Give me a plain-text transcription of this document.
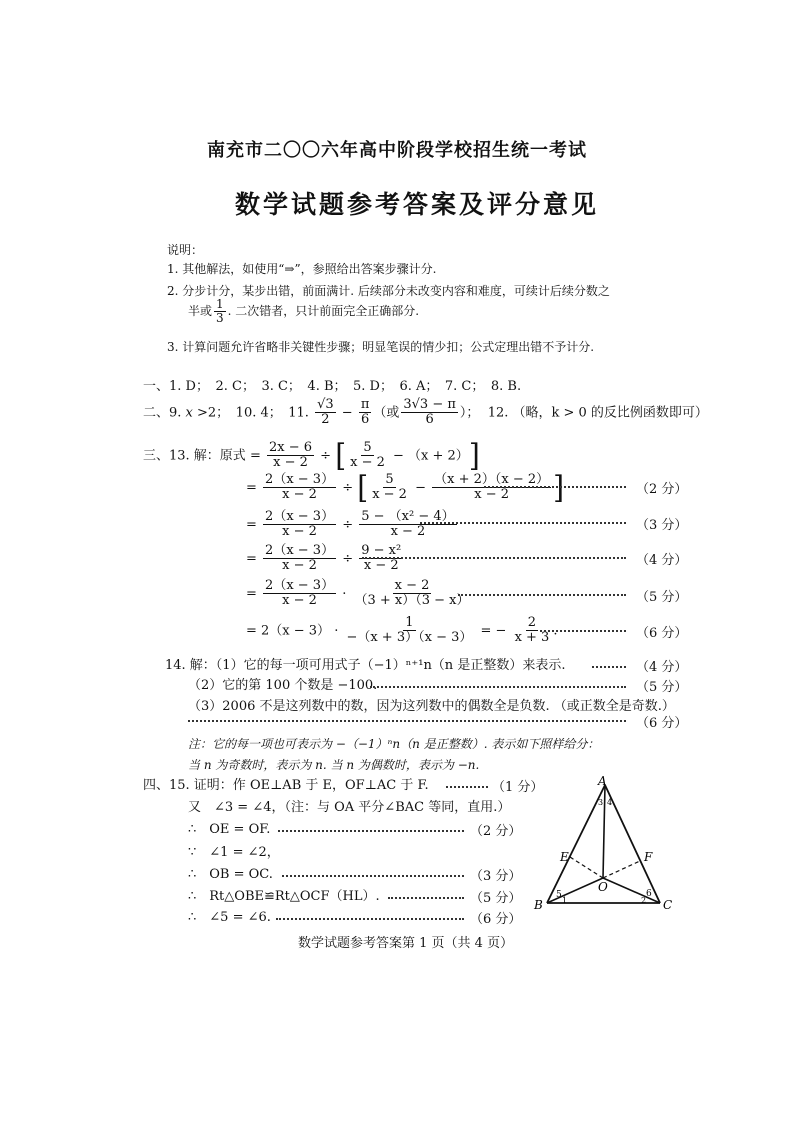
南充市二〇〇六年高中阶段学校招生统一考试
数学试题参考答案及评分意见
说明：
1. 其他解法，如使用“⇒”，参照给出答案步骤计分.
2. 分步计分，某步出错，前面满计. 后续部分未改变内容和难度，可续计后续分数之
半或 $\frac{1}{3}$ . 二次错者，只计前面完全正确部分.
3. 计算问题允许省略非关键性步骤；明显笔误的情少扣；公式定理出错不予计分.
一、1. D；　2. C；　3. C；　4. B；　5. D；　6. A；　7. C；　8. B.
二、9. x >2；　10. 4；　11. $\frac{√3}{2} - \frac{\pi}{6}$ （或 $\frac{3√3 - \pi}{6}$ ）； 12. （略，k > 0 的反比例函数即可）
三、13. 解：原式 = $\frac{2x - 6}{x - 2}$ ÷ [ $\frac{5}{x - 2} - (x + 2)$]
= $\frac{2(x - 3)}{x - 2}$ ÷ [ $\frac{5}{x - 2} - \frac{(x + 2)(x - 2)}{x - 2}$ ]	（2 分）
= $\frac{2(x - 3)}{x - 2} \div \frac{\text{5 − （x² − 4）}}{x - 2}$	（3 分）
= $\frac{2(x - 3)}{x - 2} \div \frac{\text{9 − x²}}{x - 2}$	（4 分）
= $\frac{2(x - 3)}{x - 2} \cdot \frac{x - 2}{(3 + x)(3 - x)}$	（5 分）
= $2(x - 3) \cdot \frac{1}{-(x + 3)(x - 3)}$ = − $\frac{2}{x + 3}$ .	（6 分）
14. 解：（1）它的每一项可用式子（−1）ⁿ⁺¹n（n 是正整数）来表示.	（4 分）
（2）它的第 100 个数是 −100.	（5 分）
（3）2006 不是这列数中的数，因为这列数中的偶数全是负数. （或正数全是奇数.）
（6 分）
注：它的每一项也可表示为 −（−1）ⁿn（n 是正整数）. 表示如下照样给分：
当 n 为奇数时，表示为 n. 当 n 为偶数时，表示为 −n.
四、15. 证明：作 OE⊥AB 于 E，OF⊥AC 于 F.	（1 分）
又　∠3 = ∠4，（注：与 OA 平分∠BAC 等同，直用.）
∴　OE = OF.	（2 分）
∵　∠1 = ∠2，
∴　OB = OC.	（3 分）
∴　Rt△OBE≌Rt△OCF（HL）.	（5 分）
∴　∠5 = ∠6.	（6 分）
A
B	C
E	F
O
3 4
5
1
6
2
数学试题参考答案第 1 页（共 4 页）
